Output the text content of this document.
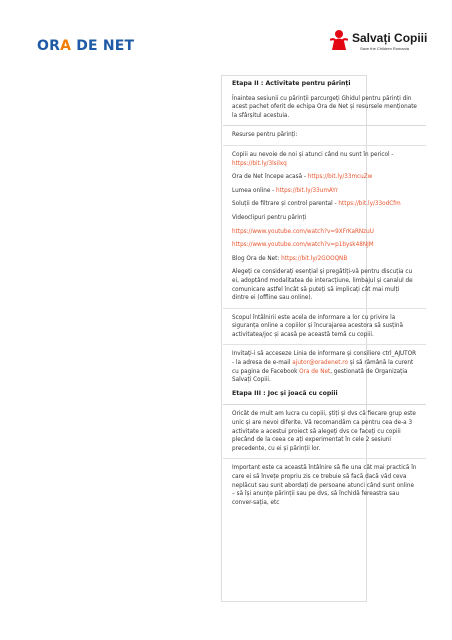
ORA DE NET	Salvați Copiii
Save the Children Romania

Etapa II : Activitate pentru părinți

Înaintea sesiunii cu părinții parcurgeți Ghidul pentru părinți din acest pachet oferit de echipa Ora de Net și resursele menționate la sfârșitul acestuia.

Resurse pentru părinți:

Copiii au nevoie de noi și atunci când nu sunt în pericol - https://bit.ly/3lsilxq

Ora de Net începe acasă - https://bit.ly/33mcuZw

Lumea online - https://bit.ly/33umAYr

Soluții de filtrare și control parental - https://bit.ly/33odCfm

Videoclipuri pentru părinți

https://www.youtube.com/watch?v=9XFrKaRNzuU

https://www.youtube.com/watch?v=p1bysk48NJM

Blog Ora de Net: https://bit.ly/2GOOQNB

Alegeți ce considerați esențial și pregătiți-vă pentru discuția cu ei, adoptând modalitatea de interacțiune, limbajul și canalul de comunicare astfel încât să puteți să implicați cât mai mulți dintre ei (offline sau online).

Scopul întâlnirii este acela de informare a lor cu privire la siguranța online a copiilor și încurajarea acestora să susțină activitatea/joc și acasă pe această temă cu copiii.

Invitați-i să acceseze Linia de informare și consiliere ctrl_AJUTOR - la adresa de e-mail ajutor@oradenet.ro și să rămână la curent cu pagina de Facebook Ora de Net, gestionată de Organizația Salvați Copiii.

Etapa III : Joc și joacă cu copiii

Oricât de mult am lucra cu copiii, știți și dvs că fiecare grup este unic și are nevoi diferite. Vă recomandăm ca pentru cea de-a 3 activitate a acestui proiect să alegeți dvs ce faceți cu copiii plecând de la ceea ce ați experimentat în cele 2 sesiuni precedente, cu ei și părinții lor.

Important este ca această întâlnire să fie una cât mai practică în care ei să învețe propriu zis ce trebuie să facă dacă văd ceva neplăcut sau sunt abordați de persoane atunci când sunt online – să își anunțe părinții sau pe dvs, să închidă fereastra sau conver-sația, etc
